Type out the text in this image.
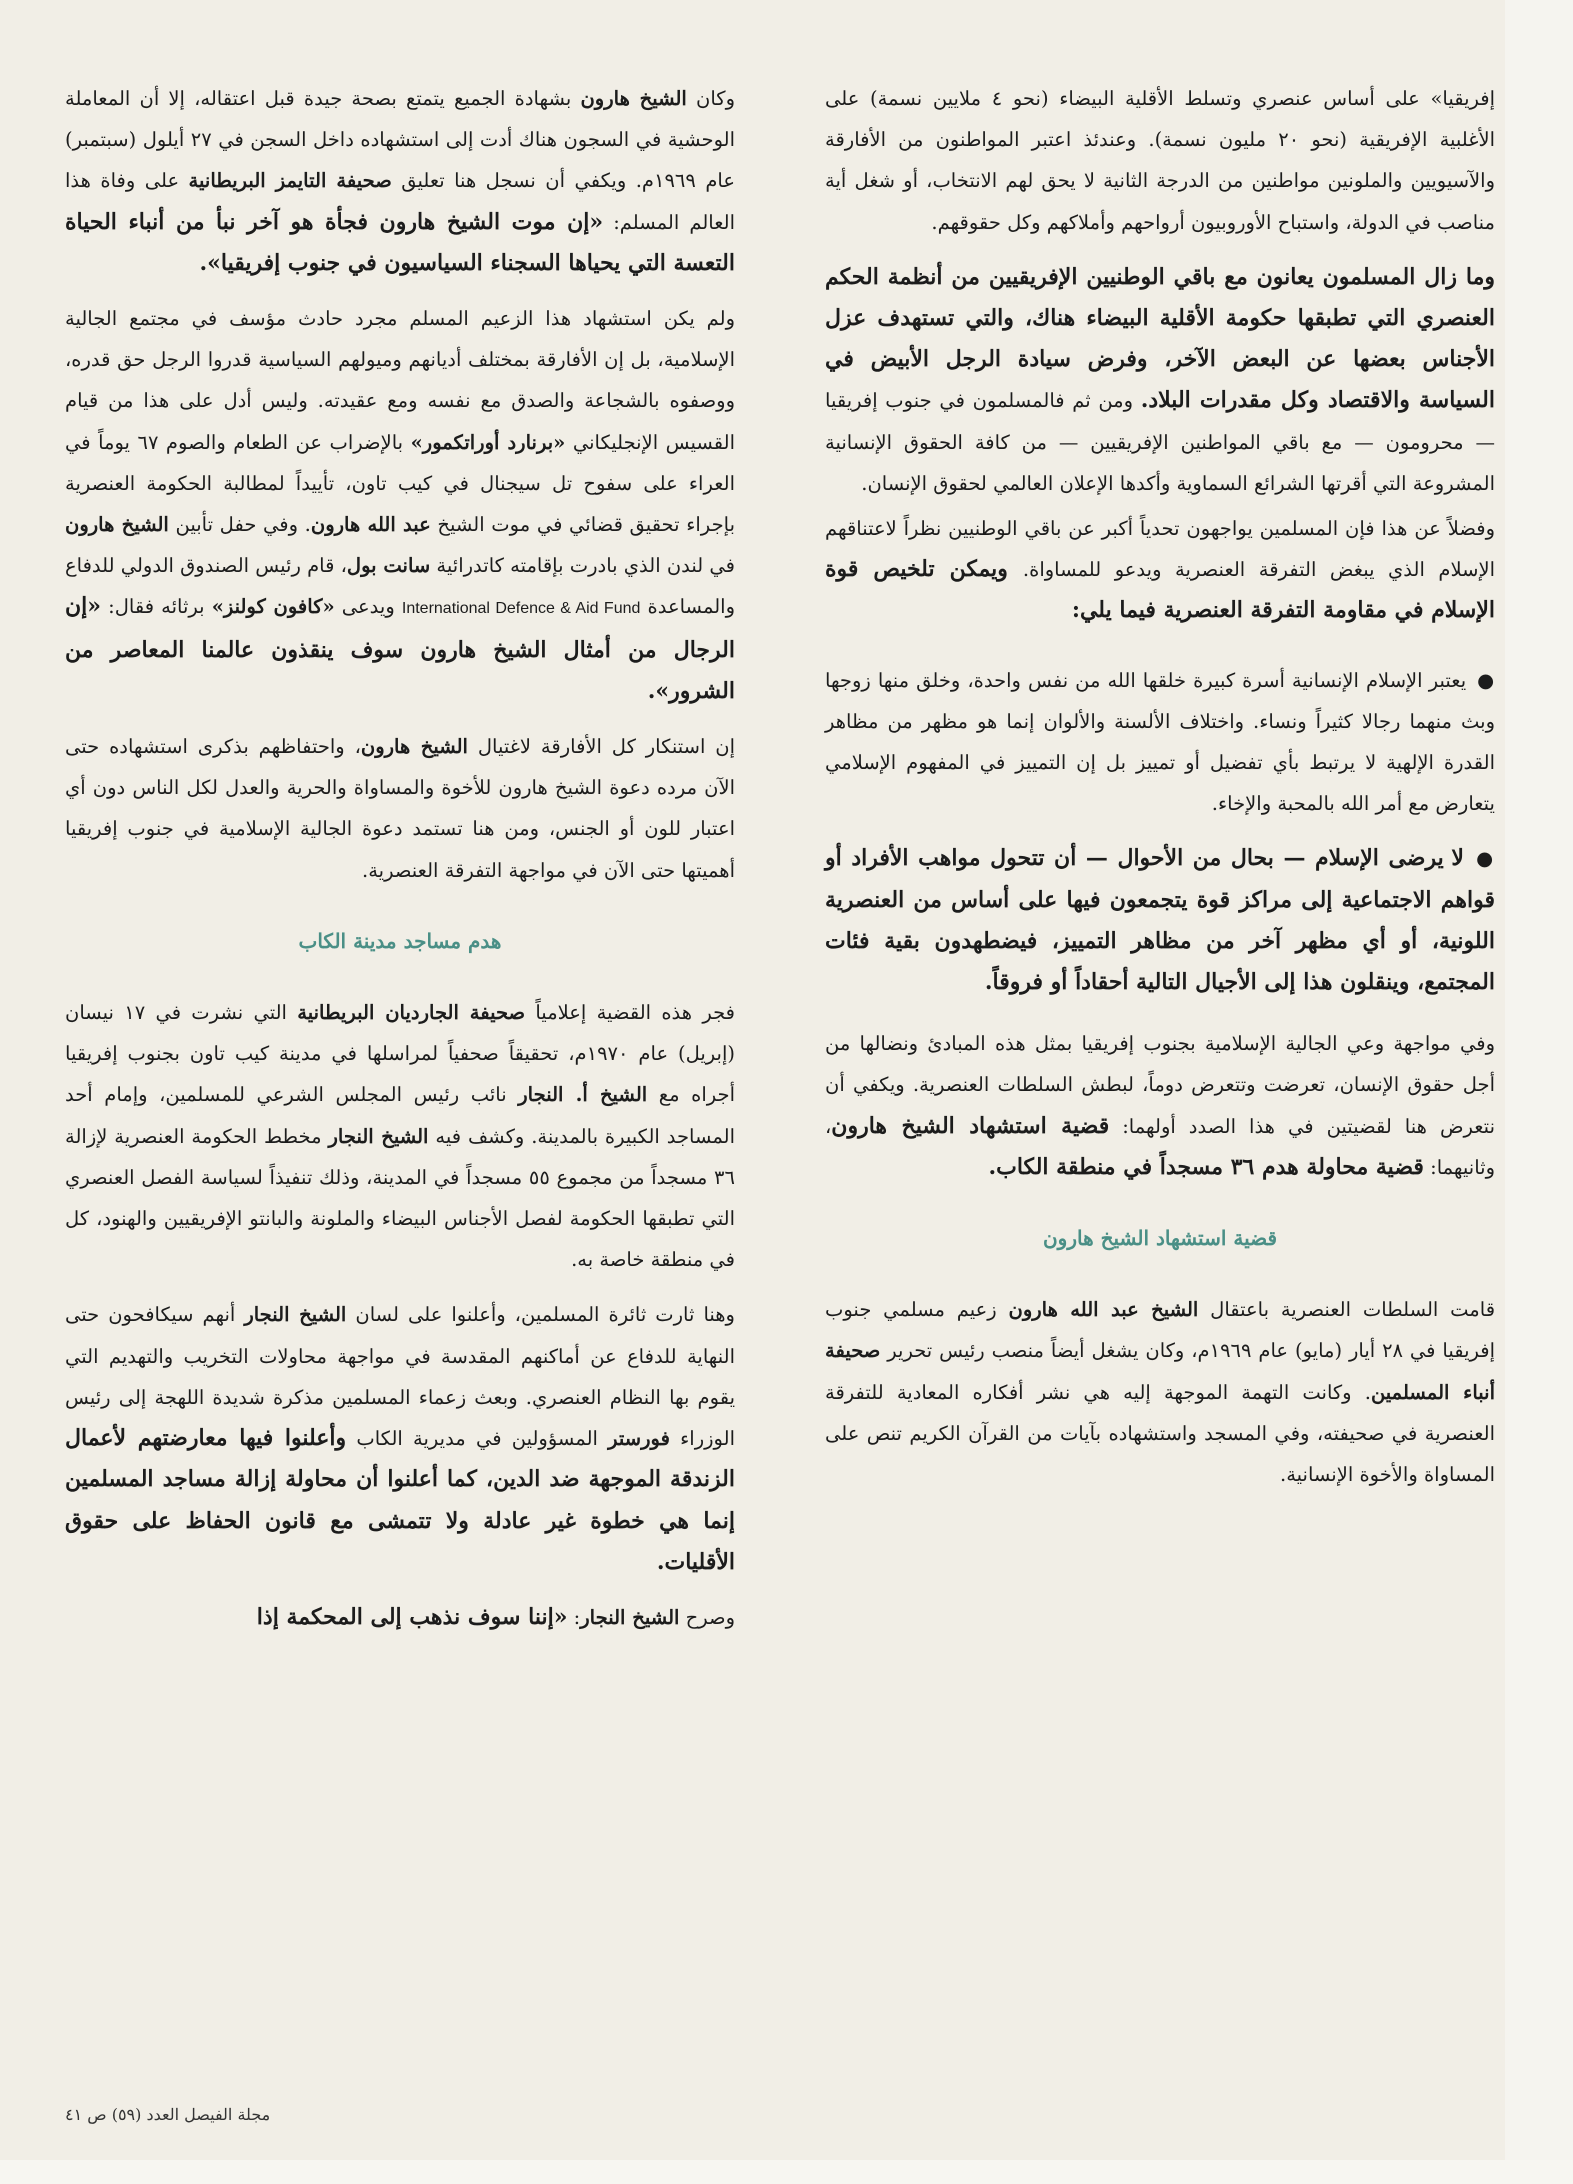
إفريقيا» على أساس عنصري وتسلط الأقلية البيضاء (نحو ٤ ملايين نسمة) على الأغلبية الإفريقية (نحو ٢٠ مليون نسمة). وعندئذ اعتبر المواطنون من الأفارقة والآسيويين والملونين مواطنين من الدرجة الثانية لا يحق لهم الانتخاب، أو شغل أية مناصب في الدولة، واستباح الأوروبيون أرواحهم وأملاكهم وكل حقوقهم.

وما زال المسلمون يعانون مع باقي الوطنيين الإفريقيين من أنظمة الحكم العنصري التي تطبقها حكومة الأقلية البيضاء هناك، والتي تستهدف عزل الأجناس بعضها عن البعض الآخر، وفرض سيادة الرجل الأبيض في السياسة والاقتصاد وكل مقدرات البلاد. ومن ثم فالمسلمون في جنوب إفريقيا — محرومون — مع باقي المواطنين الإفريقيين — من كافة الحقوق الإنسانية المشروعة التي أقرتها الشرائع السماوية وأكدها الإعلان العالمي لحقوق الإنسان.

وفضلاً عن هذا فإن المسلمين يواجهون تحدياً أكبر عن باقي الوطنيين نظراً لاعتناقهم الإسلام الذي يبغض التفرقة العنصرية ويدعو للمساواة. ويمكن تلخيص قوة الإسلام في مقاومة التفرقة العنصرية فيما يلي:

● يعتبر الإسلام الإنسانية أسرة كبيرة خلقها الله من نفس واحدة، وخلق منها زوجها وبث منهما رجالا كثيراً ونساء. واختلاف الألسنة والألوان إنما هو مظهر من مظاهر القدرة الإلهية لا يرتبط بأي تفضيل أو تمييز بل إن التمييز في المفهوم الإسلامي يتعارض مع أمر الله بالمحبة والإخاء.

● لا يرضى الإسلام — بحال من الأحوال — أن تتحول مواهب الأفراد أو قواهم الاجتماعية إلى مراكز قوة يتجمعون فيها على أساس من العنصرية اللونية، أو أي مظهر آخر من مظاهر التمييز، فيضطهدون بقية فئات المجتمع، وينقلون هذا إلى الأجيال التالية أحقاداً أو فروقاً.

وفي مواجهة وعي الجالية الإسلامية بجنوب إفريقيا بمثل هذه المبادئ ونضالها من أجل حقوق الإنسان، تعرضت وتتعرض دوماً، لبطش السلطات العنصرية. ويكفي أن نتعرض هنا لقضيتين في هذا الصدد أولهما: قضية استشهاد الشيخ هارون، وثانيهما: قضية محاولة هدم ٣٦ مسجداً في منطقة الكاب.

قضية استشهاد الشيخ هارون

قامت السلطات العنصرية باعتقال الشيخ عبد الله هارون زعيم مسلمي جنوب إفريقيا في ٢٨ أيار (مايو) عام ١٩٦٩م، وكان يشغل أيضاً منصب رئيس تحرير صحيفة أنباء المسلمين. وكانت التهمة الموجهة إليه هي نشر أفكاره المعادية للتفرقة العنصرية في صحيفته، وفي المسجد واستشهاده بآيات من القرآن الكريم تنص على المساواة والأخوة الإنسانية.

وكان الشيخ هارون بشهادة الجميع يتمتع بصحة جيدة قبل اعتقاله، إلا أن المعاملة الوحشية في السجون هناك أدت إلى استشهاده داخل السجن في ٢٧ أيلول (سبتمبر) عام ١٩٦٩م. ويكفي أن نسجل هنا تعليق صحيفة التايمز البريطانية على وفاة هذا العالم المسلم: «إن موت الشيخ هارون فجأة هو آخر نبأ من أنباء الحياة التعسة التي يحياها السجناء السياسيون في جنوب إفريقيا».

ولم يكن استشهاد هذا الزعيم المسلم مجرد حادث مؤسف في مجتمع الجالية الإسلامية، بل إن الأفارقة بمختلف أديانهم وميولهم السياسية قدروا الرجل حق قدره، ووصفوه بالشجاعة والصدق مع نفسه ومع عقيدته. وليس أدل على هذا من قيام القسيس الإنجليكاني «برنارد أوراتكمور» بالإضراب عن الطعام والصوم ٦٧ يوماً في العراء على سفوح تل سيجنال في كيب تاون، تأييداً لمطالبة الحكومة العنصرية بإجراء تحقيق قضائي في موت الشيخ عبد الله هارون. وفي حفل تأبين الشيخ هارون في لندن الذي بادرت بإقامته كاتدرائية سانت بول، قام رئيس الصندوق الدولي للدفاع والمساعدة International Defence & Aid Fund ويدعى «كافون كولنز» برثائه فقال: «إن الرجال من أمثال الشيخ هارون سوف ينقذون عالمنا المعاصر من الشرور».

إن استنكار كل الأفارقة لاغتيال الشيخ هارون، واحتفاظهم بذكرى استشهاده حتى الآن مرده دعوة الشيخ هارون للأخوة والمساواة والحرية والعدل لكل الناس دون أي اعتبار للون أو الجنس، ومن هنا تستمد دعوة الجالية الإسلامية في جنوب إفريقيا أهميتها حتى الآن في مواجهة التفرقة العنصرية.

هدم مساجد مدينة الكاب

فجر هذه القضية إعلامياً صحيفة الجارديان البريطانية التي نشرت في ١٧ نيسان (إبريل) عام ١٩٧٠م، تحقيقاً صحفياً لمراسلها في مدينة كيب تاون بجنوب إفريقيا أجراه مع الشيخ أ. النجار نائب رئيس المجلس الشرعي للمسلمين، وإمام أحد المساجد الكبيرة بالمدينة. وكشف فيه الشيخ النجار مخطط الحكومة العنصرية لإزالة ٣٦ مسجداً من مجموع ٥٥ مسجداً في المدينة، وذلك تنفيذاً لسياسة الفصل العنصري التي تطبقها الحكومة لفصل الأجناس البيضاء والملونة والبانتو الإفريقيين والهنود، كل في منطقة خاصة به.

وهنا ثارت ثائرة المسلمين، وأعلنوا على لسان الشيخ النجار أنهم سيكافحون حتى النهاية للدفاع عن أماكنهم المقدسة في مواجهة محاولات التخريب والتهديم التي يقوم بها النظام العنصري. وبعث زعماء المسلمين مذكرة شديدة اللهجة إلى رئيس الوزراء فورستر المسؤولين في مديرية الكاب وأعلنوا فيها معارضتهم لأعمال الزندقة الموجهة ضد الدين، كما أعلنوا أن محاولة إزالة مساجد المسلمين إنما هي خطوة غير عادلة ولا تتمشى مع قانون الحفاظ على حقوق الأقليات.

وصرح الشيخ النجار: «إننا سوف نذهب إلى المحكمة إذا

مجلة الفيصل العدد (٥٩) ص ٤١
